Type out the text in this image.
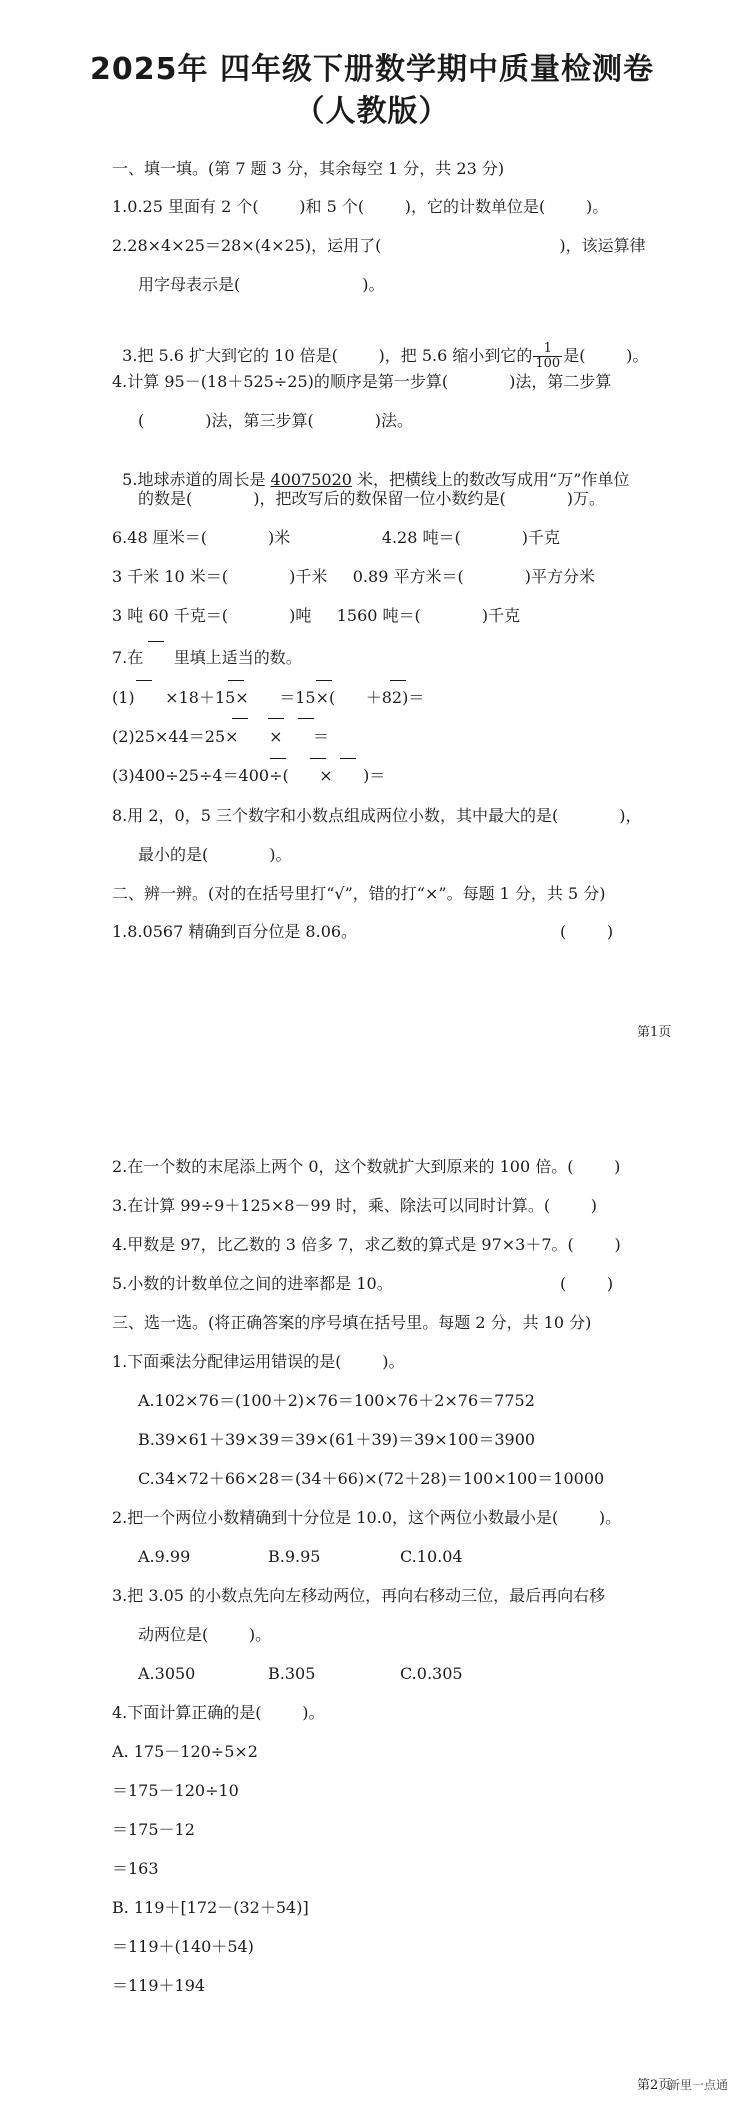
2025年 四年级下册数学期中质量检测卷
（人教版）
一、填一填。(第 7 题 3 分，其余每空 1 分，共 23 分)
1.0.25 里面有 2 个(        )和 5 个(        )，它的计数单位是(        )。
2.28×4×25＝28×(4×25)，运用了(                                   )，该运算律
用字母表示是(                        )。

3.把 5.6 扩大到它的 10 倍是(        )，把 5.6 缩小到它的 $\frac{1}{100}$ 是(        )。

4.计算 95－(18＋525÷25)的顺序是第一步算(            )法，第二步算
(            )法，第三步算(            )法。

5.地球赤道的周长是 40075020 米，把横线上的数改写成用“万”作单位

的数是(            )，把改写后的数保留一位小数约是(            )万。
6.48 厘米＝(            )米                  4.28 吨＝(            )千克
3 千米 10 米＝(            )千米     0.89 平方米＝(            )平方分米
3 吨 60 千克＝(            )吨     1560 吨＝(            )千克
7.在      里填上适当的数。
(1)      ×18＋15×      ＝15×(      ＋82)＝
(2)25×44＝25×      ×      ＝
(3)400÷25÷4＝400÷(      ×      )＝
8.用 2，0，5 三个数字和小数点组成两位小数，其中最大的是(            )，
最小的是(            )。
二、辨一辨。(对的在括号里打“√”，错的打“×”。每题 1 分，共 5 分)
1.8.0567 精确到百分位是 8.06。	(        )
第1页
2.在一个数的末尾添上两个 0，这个数就扩大到原来的 100 倍。(        )
3.在计算 99÷9＋125×8－99 时，乘、除法可以同时计算。(        )
4.甲数是 97，比乙数的 3 倍多 7，求乙数的算式是 97×3＋7。(        )
5.小数的计数单位之间的进率都是 10。	(        )
三、选一选。(将正确答案的序号填在括号里。每题 2 分，共 10 分)
1.下面乘法分配律运用错误的是(        )。
A.102×76＝(100＋2)×76＝100×76＋2×76＝7752
B.39×61＋39×39＝39×(61＋39)＝39×100＝3900
C.34×72＋66×28＝(34＋66)×(72＋28)＝100×100＝10000
2.把一个两位小数精确到十分位是 10.0，这个两位小数最小是(        )。
A.9.99	B.9.95	C.10.04
3.把 3.05 的小数点先向左移动两位，再向右移动三位，最后再向右移
动两位是(        )。
A.3050	B.305	C.0.305
4.下面计算正确的是(        )。
A. 175－120÷5×2
＝175－120÷10
＝175－12
＝163
B. 119＋[172－(32＋54)]
＝119＋(140＋54)
＝119＋194
第2页
新里一点通
